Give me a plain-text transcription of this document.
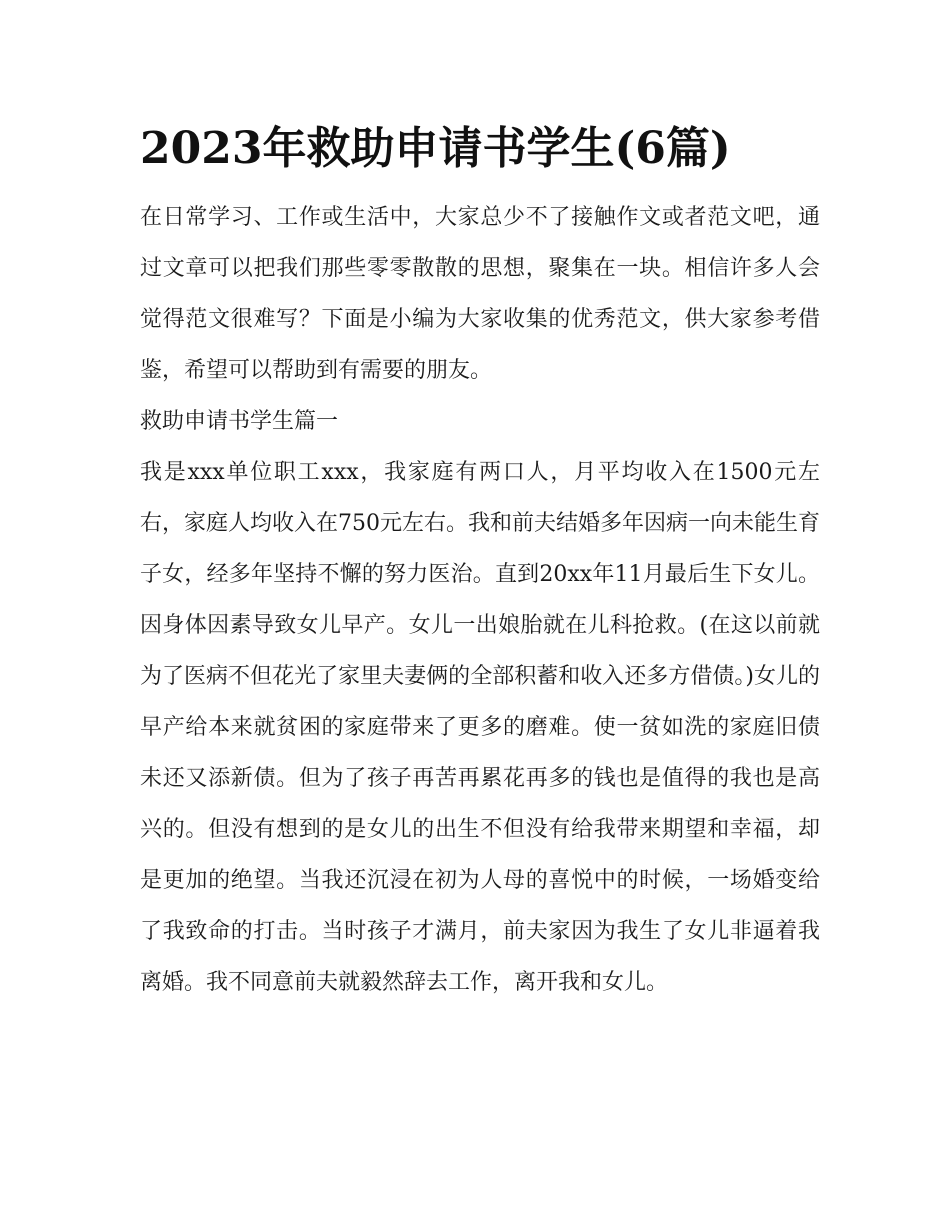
2023年救助申请书学生(6篇)

在日常学习、工作或生活中，大家总少不了接触作文或者范文吧，通过文章可以把我们那些零零散散的思想，聚集在一块。相信许多人会觉得范文很难写？下面是小编为大家收集的优秀范文，供大家参考借鉴，希望可以帮助到有需要的朋友。

救助申请书学生篇一

我是xxx单位职工xxx，我家庭有两口人，月平均收入在1500元左右，家庭人均收入在750元左右。我和前夫结婚多年因病一向未能生育子女，经多年坚持不懈的努力医治。直到20xx年11月最后生下女儿。因身体因素导致女儿早产。女儿一出娘胎就在儿科抢救。(在这以前就为了医病不但花光了家里夫妻俩的全部积蓄和收入还多方借债。)女儿的早产给本来就贫困的家庭带来了更多的磨难。使一贫如洗的家庭旧债未还又添新债。但为了孩子再苦再累花再多的钱也是值得的我也是高兴的。但没有想到的是女儿的出生不但没有给我带来期望和幸福，却是更加的绝望。当我还沉浸在初为人母的喜悦中的时候，一场婚变给了我致命的打击。当时孩子才满月，前夫家因为我生了女儿非逼着我离婚。我不同意前夫就毅然辞去工作，离开我和女儿。
